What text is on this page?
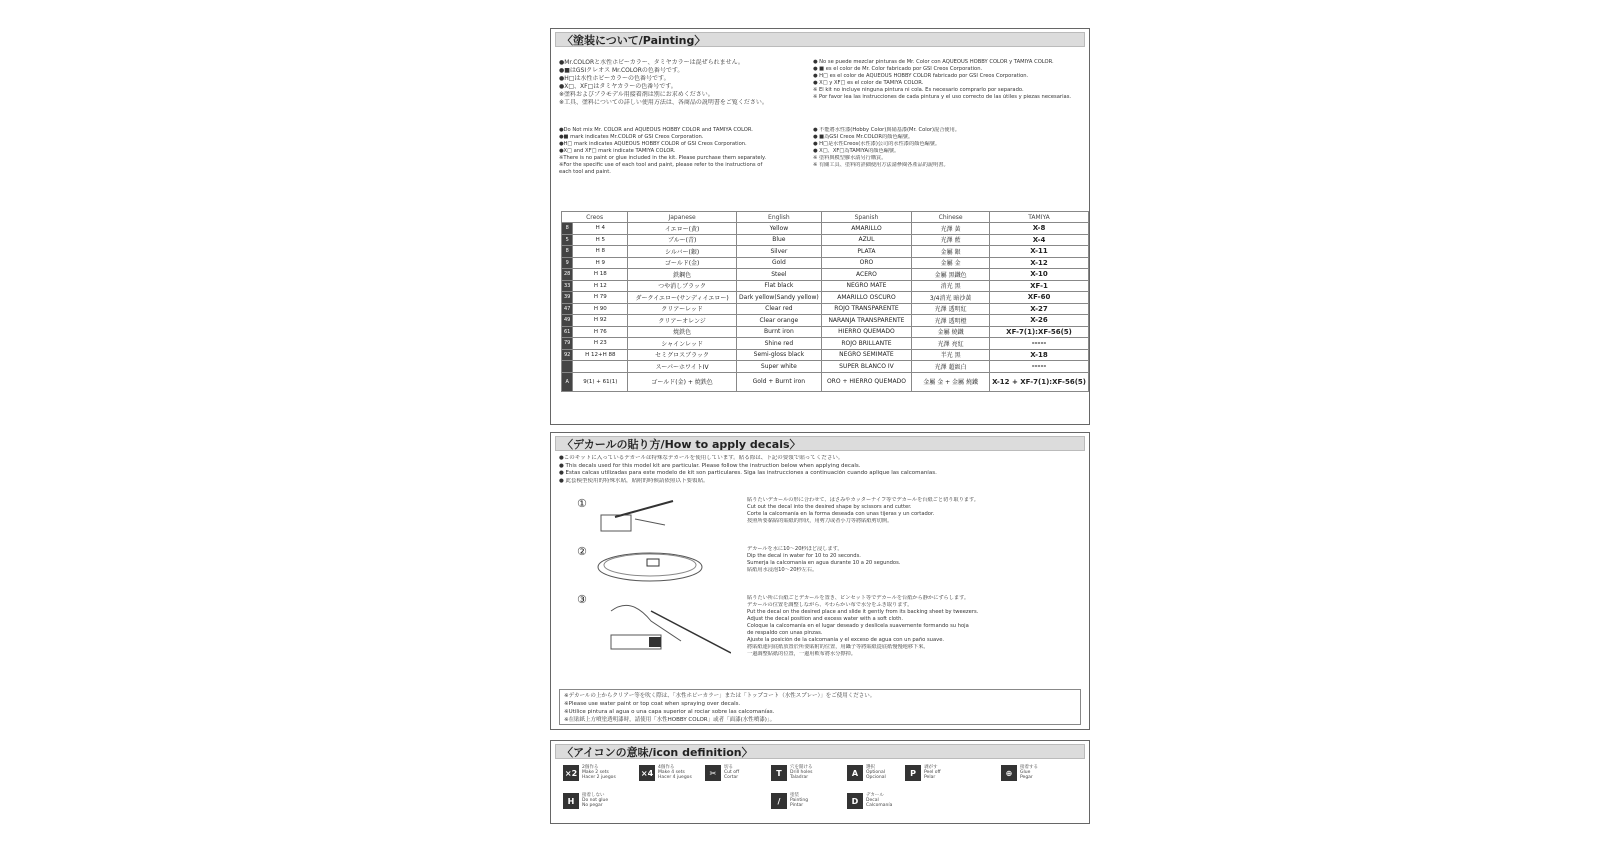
〈塗装について/Painting〉
●Mr.COLORと水性ホビーカラー、タミヤカラーは混ぜられません。
●■はGSIクレオス Mr.COLORの色番号です。
●H□は水性ホビーカラーの色番号です。
●X□、XF□はタミヤカラーの色番号です。
※塗料およびプラモデル用接着剤は別にお求めください。
※工具、塗料についての詳しい使用方法は、各商品の説明書をご覧ください。
● No se puede mezclar pinturas de Mr. Color con AQUEOUS HOBBY COLOR y TAMIYA COLOR.
● ■ es el color de Mr. Color fabricado por GSI Creos Corporation.
● H□ es el color de AQUEOUS HOBBY COLOR fabricado por GSI Creos Corporation.
● X□ y XF□ es el color de TAMIYA COLOR.
※ El kit no incluye ninguna pintura ni cola. Es necesario comprarlo por separado.
※ Por favor lea las instrucciones de cada pintura y el uso correcto de las útiles y piezas necesarias.
●Do Not mix Mr. COLOR and AQUEOUS HOBBY COLOR and TAMIYA COLOR.
●■ mark indicates Mr.COLOR of GSI Creos Corporation.
●H□ mark indicates AQUEOUS HOBBY COLOR of GSI Creos Corporation.
●X□ and XF□ mark indicate TAMIYA COLOR.
※There is no paint or glue included in the kit. Please purchase them separately.
※For the specific use of each tool and paint, please refer to the instructions of
each tool and paint.
● 不能將水性漆(Hobby Color)與硝基漆(Mr. Color)混合使用。
● ■為GSI Creos Mr.COLOR的顏色編號。
● H□是水性Creos(水性漆)公司的水性漆的顏色編號。
● X□、XF□為TAMIYA的顏色編號。
※ 塗料與模型膠水請另行購買。
※ 有關工具、塗料的詳細使用方法請參閱各產品的說明書。
Creos		Japanese	English	Spanish	Chinese	TAMIYA
8	H 4	イエロー(黄)	Yellow	AMARILLO	光澤 黃	X-8
5	H 5	ブルー(青)	Blue	AZUL	光澤 藍	X-4
8	H 8	シルバー(銀)	Silver	PLATA	金屬 銀	X-11
9	H 9	ゴールド(金)	Gold	ORO	金屬 金	X-12
28	H 18	鉄鋼色	Steel	ACERO	金屬 黑鐵色	X-10
33	H 12	つや消しブラック	Flat black	NEGRO MATE	消光 黑	XF-1
39	H 79	ダークイエロー(サンディイエロー)	Dark yellow(Sandy yellow)	AMARILLO OSCURO	3/4消光 暗沙黃	XF-60
47	H 90	クリアーレッド	Clear red	ROJO TRANSPARENTE	光澤 透明紅	X-27
49	H 92	クリアーオレンジ	Clear orange	NARANJA TRANSPARENTE	光澤 透明橙	X-26
61	H 76	焼鉄色	Burnt iron	HIERRO QUEMADO	金屬 燒鐵	XF-7(1):XF-56(5)
79	H 23	シャインレッド	Shine red	ROJO BRILLANTE	光澤 亮紅	-----
92	H 12+H 88	セミグロスブラック	Semi-gloss black	NEGRO SEMIMATE	半光 黑	X-18
		スーパーホワイトIV	Super white	SUPER BLANCO IV	光澤 超級白	-----
A	9(1) + 61(1)	ゴールド(金) + 焼鉄色	Gold + Burnt iron	ORO + HIERRO QUEMADO	金屬 金 + 金屬 燒鐵	X-12 + XF-7(1):XF-56(5)
〈デカールの貼り方/How to apply decals〉
●このキットに入っているデカールは特殊なデカールを使用しています。貼る際は、下記の要領で貼ってください。
● This decals used for this model kit are particular. Please follow the instruction below when applying decals.
● Estas calcas utilizadas para este modelo de kit son particulares. Siga las instrucciones a continuación cuando aplique las calcomanías.
● 此套模型使用的特殊水貼，貼附的時候請依照以下要領貼。
①	貼りたいデカールの形に合わせて、はさみやカッターナイフ等でデカールを台紙ごと切り取ります。
Cut out the decal into the desired shape by scissors and cutter.
Corte la calcomanía en la forma deseada con unas tijeras y un cortador.
按照所要黏貼的貼紙的形狀，用剪刀或者小刀等將貼紙剪切開。
②	デカールを水に10～20秒ほど浸します。
Dip the decal in water for 10 to 20 seconds.
Sumerja la calcomanía en agua durante 10 a 20 segundos.
貼紙用水浸泡10～20秒左右。
③	貼りたい所に台紙ごとデカールを置き、ピンセット等でデカールを台紙から静かにずらします。
デカールの位置を調整しながら、やわらかい布で水分をふき取ります。
Put the decal on the desired place and slide it gently from its backing sheet by tweezers.
Adjust the decal position and excess water with a soft cloth.
Coloque la calcomanía en el lugar deseado y deslícela suavemente formando su hoja
de respaldo con unas pinzas.
Ajuste la posición de la calcomanía y el exceso de agua con un paño suave.
將貼紙連同底紙放置於所要貼附的位置，用鑷子等將貼紙從底紙慢慢地移下來。
一邊調整貼紙的位置，一邊用軟布將水分擦掉。
※デカールの上からクリアー等を吹く際は、「水性ホビーカラー」または「トップコート（水性スプレー）」をご使用ください。
※Please use water paint or top coat when spraying over decals.
※Utilice pintura al agua o una capa superior al rociar sobre las calcomanías.
※在貼紙上方噴塗透明漆時，請使用「水性HOBBY COLOR」或者「面漆(水性噴漆)」。
〈アイコンの意味/icon definition〉
×2
2個作る
Make 2 sets
Hacer 2 juegos	×4
4個作る
Make 4 sets
Hacer 4 juegos	✂
切る
Cut off
Cortar	T
穴を開ける
Drill holes
Taladrar	A
選択
Optional
Opcional	P
剥がす
Peel off
Pelar	⊕
接着する
Glue
Pegar
H
接着しない
Do not glue
No pegar	/
塗装
Painting
Pintar	D
デカール
Decal
Calcomanía
